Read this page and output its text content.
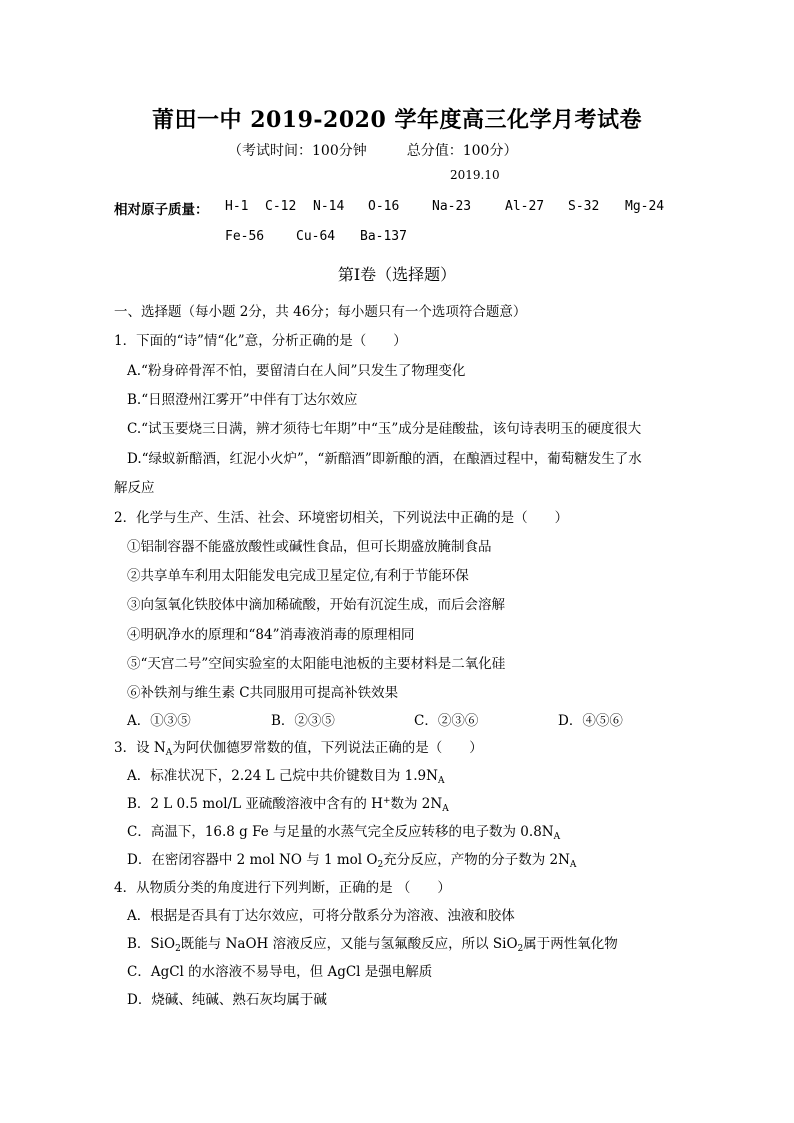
莆田一中 2019-2020 学年度高三化学月考试卷
（考试时间：100分钟	总分值：100分）
2019.10
相对原子质量： H-1 C-12 N-14 O-16	Na-23	Al-27 S-32 Mg-24
Fe-56 Cu-64 Ba-137
第Ⅰ卷（选择题）
一、选择题（每小题 2分，共 46分；每小题只有一个选项符合题意）
1．下面的“诗”情“化”意，分析正确的是（　　）
A.“粉身碎骨浑不怕，要留清白在人间”只发生了物理变化
B.“日照澄州江雾开”中伴有丁达尔效应
C.“试玉要烧三日满，辨才须待七年期”中“玉”成分是硅酸盐，该句诗表明玉的硬度很大
D.“绿蚁新醅酒，红泥小火炉”，“新醅酒”即新酿的酒，在酿酒过程中，葡萄糖发生了水
解反应
2．化学与生产、生活、社会、环境密切相关，下列说法中正确的是（　　）
①铝制容器不能盛放酸性或碱性食品，但可长期盛放腌制食品
②共享单车利用太阳能发电完成卫星定位,有利于节能环保
③向氢氧化铁胶体中滴加稀硫酸，开始有沉淀生成，而后会溶解
④明矾净水的原理和“84”消毒液消毒的原理相同
⑤“天宫二号”空间实验室的太阳能电池板的主要材料是二氧化硅
⑥补铁剂与维生素 C共同服用可提高补铁效果
A．①③⑤	B．②③⑤	C．②③⑥	D．④⑤⑥
3．设 $N_A$为阿伏伽德罗常数的值，下列说法正确的是（　　）
A．标准状况下，2.24 L 己烷中共价键数目为 $1.9N_A$
B．2 L 0.5 mol/L 亚硫酸溶液中含有的 H+数为 $2N_A$
C．高温下，16.8 g Fe 与足量的水蒸气完全反应转移的电子数为 $0.8N_A$
D．在密闭容器中 2 mol NO 与 1 mol $O_2$充分反应，产物的分子数为 $2N_A$
4．从物质分类的角度进行下列判断，正确的是 （　　）
A．根据是否具有丁达尔效应，可将分散系分为溶液、浊液和胶体
B．SiO$_2$既能与 NaOH 溶液反应，又能与氢氟酸反应，所以 SiO$_2$属于两性氧化物
C．AgCl 的水溶液不易导电，但 AgCl 是强电解质
D．烧碱、纯碱、熟石灰均属于碱
